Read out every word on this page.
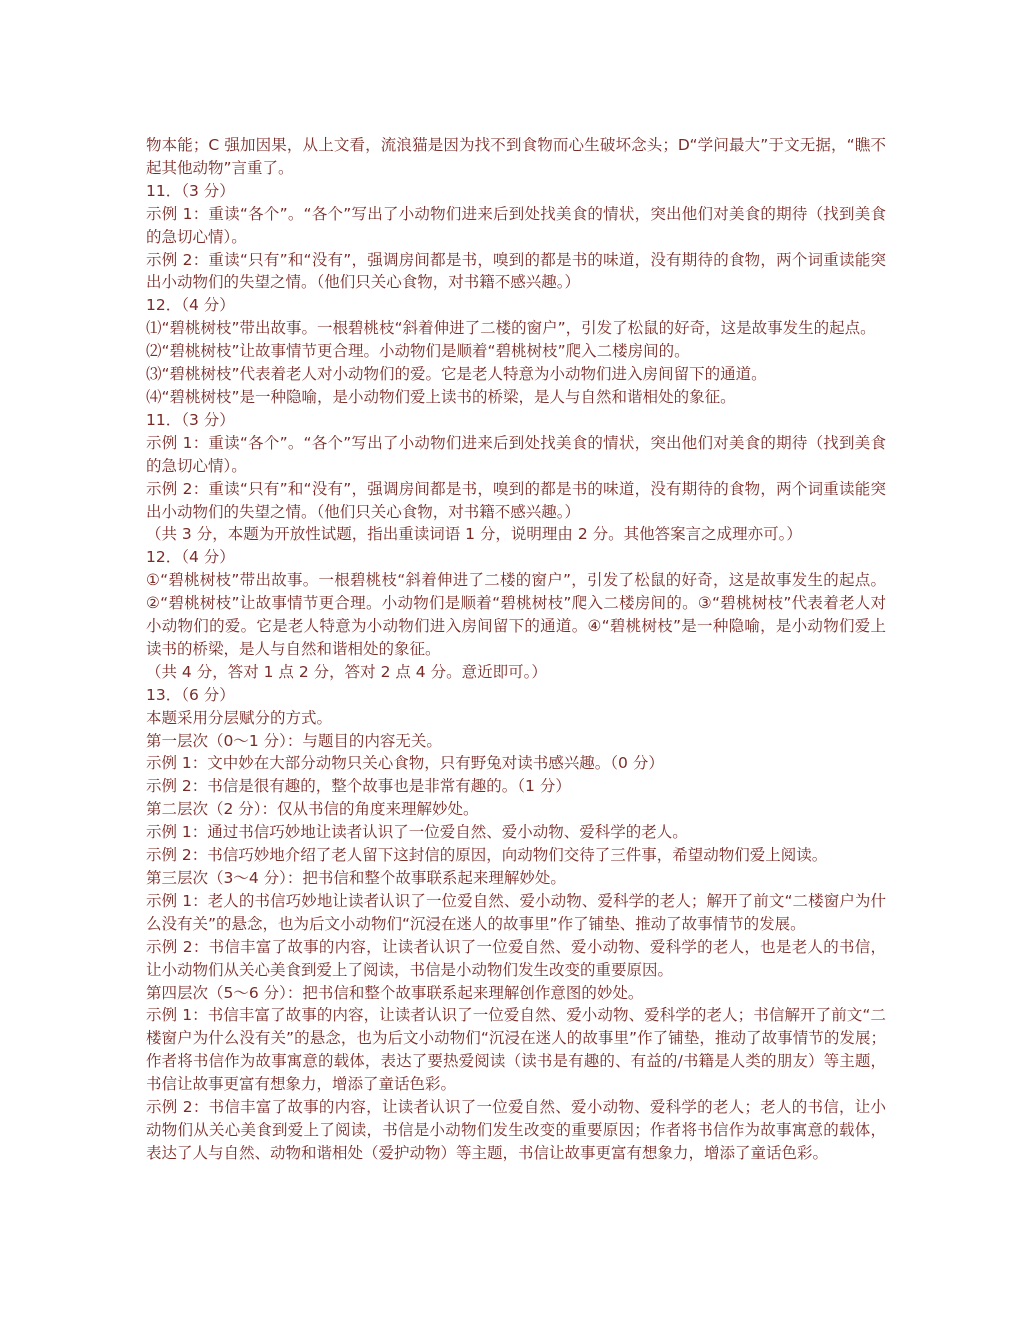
物本能；C 强加因果，从上文看，流浪猫是因为找不到食物而心生破坏念头；D“学问最大”于文无据，“瞧不起其他动物”言重了。

11．（3 分）

示例 1：重读“各个”。“各个”写出了小动物们进来后到处找美食的情状，突出他们对美食的期待（找到美食的急切心情）。

示例 2：重读“只有”和“没有”，强调房间都是书，嗅到的都是书的味道，没有期待的食物，两个词重读能突出小动物们的失望之情。（他们只关心食物，对书籍不感兴趣。）

12．（4 分）

⑴“碧桃树枝”带出故事。一根碧桃枝“斜着伸进了二楼的窗户”，引发了松鼠的好奇，这是故事发生的起点。

⑵“碧桃树枝”让故事情节更合理。小动物们是顺着“碧桃树枝”爬入二楼房间的。

⑶“碧桃树枝”代表着老人对小动物们的爱。它是老人特意为小动物们进入房间留下的通道。

⑷“碧桃树枝”是一种隐喻，是小动物们爱上读书的桥梁，是人与自然和谐相处的象征。

11．（3 分）

示例 1：重读“各个”。“各个”写出了小动物们进来后到处找美食的情状，突出他们对美食的期待（找到美食的急切心情）。

示例 2：重读“只有”和“没有”，强调房间都是书，嗅到的都是书的味道，没有期待的食物，两个词重读能突出小动物们的失望之情。（他们只关心食物，对书籍不感兴趣。）

（共 3 分，本题为开放性试题，指出重读词语 1 分，说明理由 2 分。其他答案言之成理亦可。）

12．（4 分）

①“碧桃树枝”带出故事。一根碧桃枝“斜着伸进了二楼的窗户”，引发了松鼠的好奇，这是故事发生的起点。②“碧桃树枝”让故事情节更合理。小动物们是顺着“碧桃树枝”爬入二楼房间的。③“碧桃树枝”代表着老人对小动物们的爱。它是老人特意为小动物们进入房间留下的通道。④“碧桃树枝”是一种隐喻，是小动物们爱上读书的桥梁，是人与自然和谐相处的象征。

（共 4 分，答对 1 点 2 分，答对 2 点 4 分。意近即可。）

13．（6 分）

本题采用分层赋分的方式。

第一层次（0～1 分）：与题目的内容无关。

示例 1：文中妙在大部分动物只关心食物，只有野兔对读书感兴趣。（0 分）

示例 2：书信是很有趣的，整个故事也是非常有趣的。（1 分）

第二层次（2 分）：仅从书信的角度来理解妙处。

示例 1：通过书信巧妙地让读者认识了一位爱自然、爱小动物、爱科学的老人。

示例 2：书信巧妙地介绍了老人留下这封信的原因，向动物们交待了三件事，希望动物们爱上阅读。

第三层次（3～4 分）：把书信和整个故事联系起来理解妙处。

示例 1：老人的书信巧妙地让读者认识了一位爱自然、爱小动物、爱科学的老人；解开了前文“二楼窗户为什么没有关”的悬念，也为后文小动物们“沉浸在迷人的故事里”作了铺垫、推动了故事情节的发展。

示例 2：书信丰富了故事的内容，让读者认识了一位爱自然、爱小动物、爱科学的老人，也是老人的书信，让小动物们从关心美食到爱上了阅读，书信是小动物们发生改变的重要原因。

第四层次（5～6 分）：把书信和整个故事联系起来理解创作意图的妙处。

示例 1：书信丰富了故事的内容，让读者认识了一位爱自然、爱小动物、爱科学的老人；书信解开了前文“二楼窗户为什么没有关”的悬念，也为后文小动物们“沉浸在迷人的故事里”作了铺垫，推动了故事情节的发展；作者将书信作为故事寓意的载体，表达了要热爱阅读（读书是有趣的、有益的/书籍是人类的朋友）等主题，书信让故事更富有想象力，增添了童话色彩。

示例 2：书信丰富了故事的内容，让读者认识了一位爱自然、爱小动物、爱科学的老人；老人的书信，让小动物们从关心美食到爱上了阅读，书信是小动物们发生改变的重要原因；作者将书信作为故事寓意的载体，表达了人与自然、动物和谐相处（爱护动物）等主题，书信让故事更富有想象力，增添了童话色彩。
